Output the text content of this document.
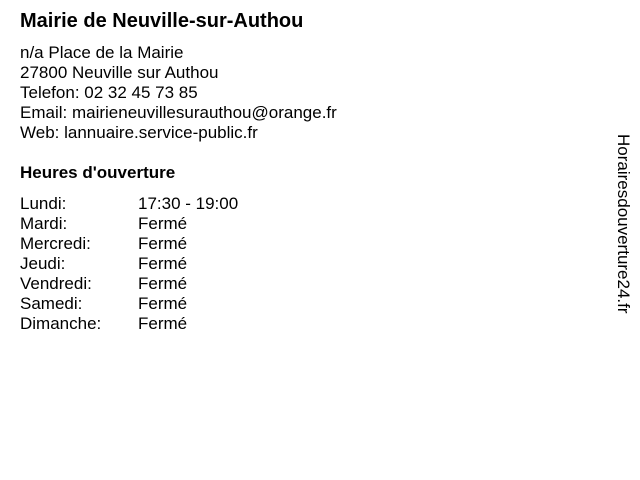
Mairie de Neuville-sur-Authou
n/a Place de la Mairie
27800 Neuville sur Authou
Telefon: 02 32 45 73 85
Email: mairieneuvillesurauthou@orange.fr
Web: lannuaire.service-public.fr
Heures d'ouverture
Lundi:	17:30 - 19:00
Mardi:	Fermé
Mercredi:	Fermé
Jeudi:	Fermé
Vendredi:	Fermé
Samedi:	Fermé
Dimanche: Fermé
Horairesdouverture24.fr
